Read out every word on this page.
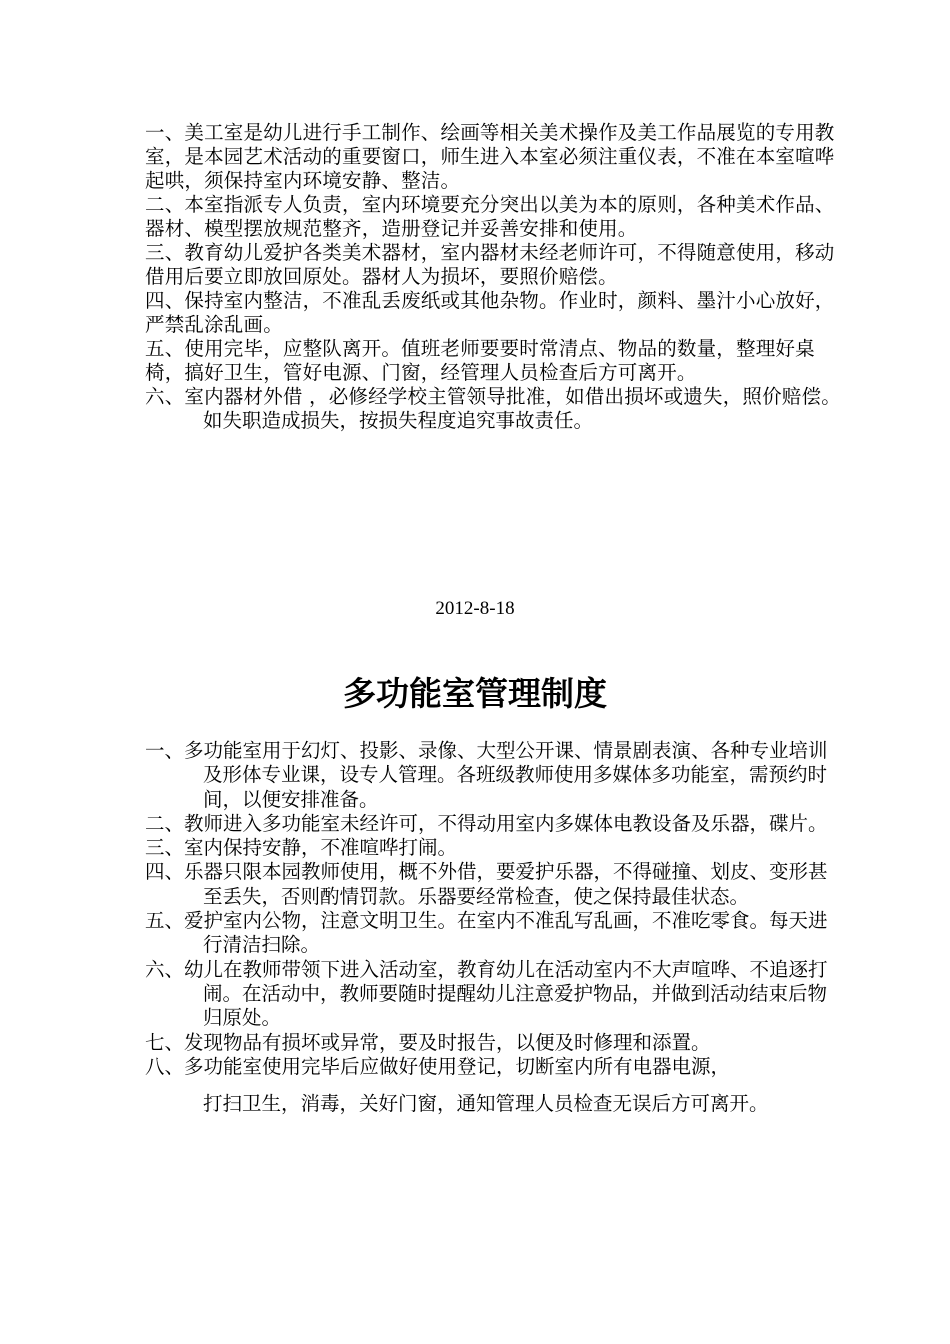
一、美工室是幼儿进行手工制作、绘画等相关美术操作及美工作品展览的专用教室，是本园艺术活动的重要窗口，师生进入本室必须注重仪表，不准在本室喧哗起哄，须保持室内环境安静、整洁。

二、本室指派专人负责，室内环境要充分突出以美为本的原则，各种美术作品、器材、模型摆放规范整齐，造册登记并妥善安排和使用。

三、教育幼儿爱护各类美术器材，室内器材未经老师许可，不得随意使用，移动借用后要立即放回原处。器材人为损坏，要照价赔偿。

四、保持室内整洁，不准乱丢废纸或其他杂物。作业时，颜料、墨汁小心放好，严禁乱涂乱画。

五、使用完毕，应整队离开。值班老师要要时常清点、物品的数量，整理好桌椅，搞好卫生，管好电源、门窗，经管理人员检查后方可离开。

六、室内器材外借 ，必修经学校主管领导批准，如借出损坏或遗失，照价赔偿。

如失职造成损失，按损失程度追究事故责任。

2012-8-18
多功能室管理制度

一、多功能室用于幻灯、投影、录像、大型公开课、情景剧表演、各种专业培训及形体专业课，设专人管理。各班级教师使用多媒体多功能室，需预约时间，以便安排准备。

二、教师进入多功能室未经许可，不得动用室内多媒体电教设备及乐器，碟片。

三、室内保持安静，不准喧哗打闹。

四、乐器只限本园教师使用，概不外借，要爱护乐器，不得碰撞、划皮、变形甚至丢失，否则酌情罚款。乐器要经常检查，使之保持最佳状态。

五、爱护室内公物，注意文明卫生。在室内不准乱写乱画，不准吃零食。每天进行清洁扫除。

六、幼儿在教师带领下进入活动室，教育幼儿在活动室内不大声喧哗、不追逐打闹。在活动中，教师要随时提醒幼儿注意爱护物品，并做到活动结束后物归原处。

七、发现物品有损坏或异常，要及时报告，以便及时修理和添置。

八、多功能室使用完毕后应做好使用登记，切断室内所有电器电源，

打扫卫生，消毒，关好门窗，通知管理人员检查无误后方可离开。
